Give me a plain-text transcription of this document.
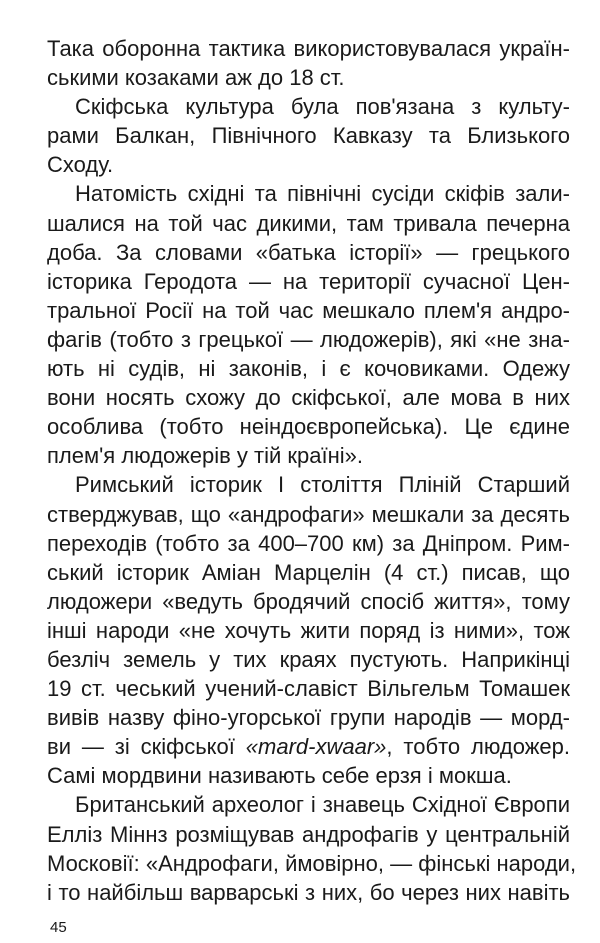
Така оборонна тактика використовувалася україн-
ськими козаками аж до 18 ст.

Скіфська культура була пов'язана з культу-
рами Балкан, Північного Кавказу та Близького
Сходу.

Натомість східні та північні сусіди скіфів зали-
шалися на той час дикими, там тривала печерна
доба. За словами «батька історії» — грецького
історика Геродота — на території сучасної Цен-
тральної Росії на той час мешкало плем'я андро-
фагів (тобто з грецької — людожерів), які «не зна-
ють ні судів, ні законів, і є кочовиками. Одежу
вони носять схожу до скіфської, але мова в них
особлива (тобто неіндоєвропейська). Це єдине
плем'я людожерів у тій країні».

Римський історик І століття Пліній Старший
стверджував, що «андрофаги» мешкали за десять
переходів (тобто за 400–700 км) за Дніпром. Рим-
ський історик Аміан Марцелін (4 ст.) писав, що
людожери «ведуть бродячий спосіб життя», тому
інші народи «не хочуть жити поряд із ними», тож
безліч земель у тих краях пустують. Наприкінці
19 ст. чеський учений-славіст Вільгельм Томашек
вивів назву фіно-угорської групи народів — морд-
ви — зі скіфської «mard-xwaar», тобто людожер.
Самі мордвини називають себе ерзя і мокша.

Британський археолог і знавець Східної Європи
Елліз Міннз розміщував андрофагів у центральній
Московії: «Андрофаги, ймовірно, — фінські народи,
і то найбільш варварські з них, бо через них навіть

45
